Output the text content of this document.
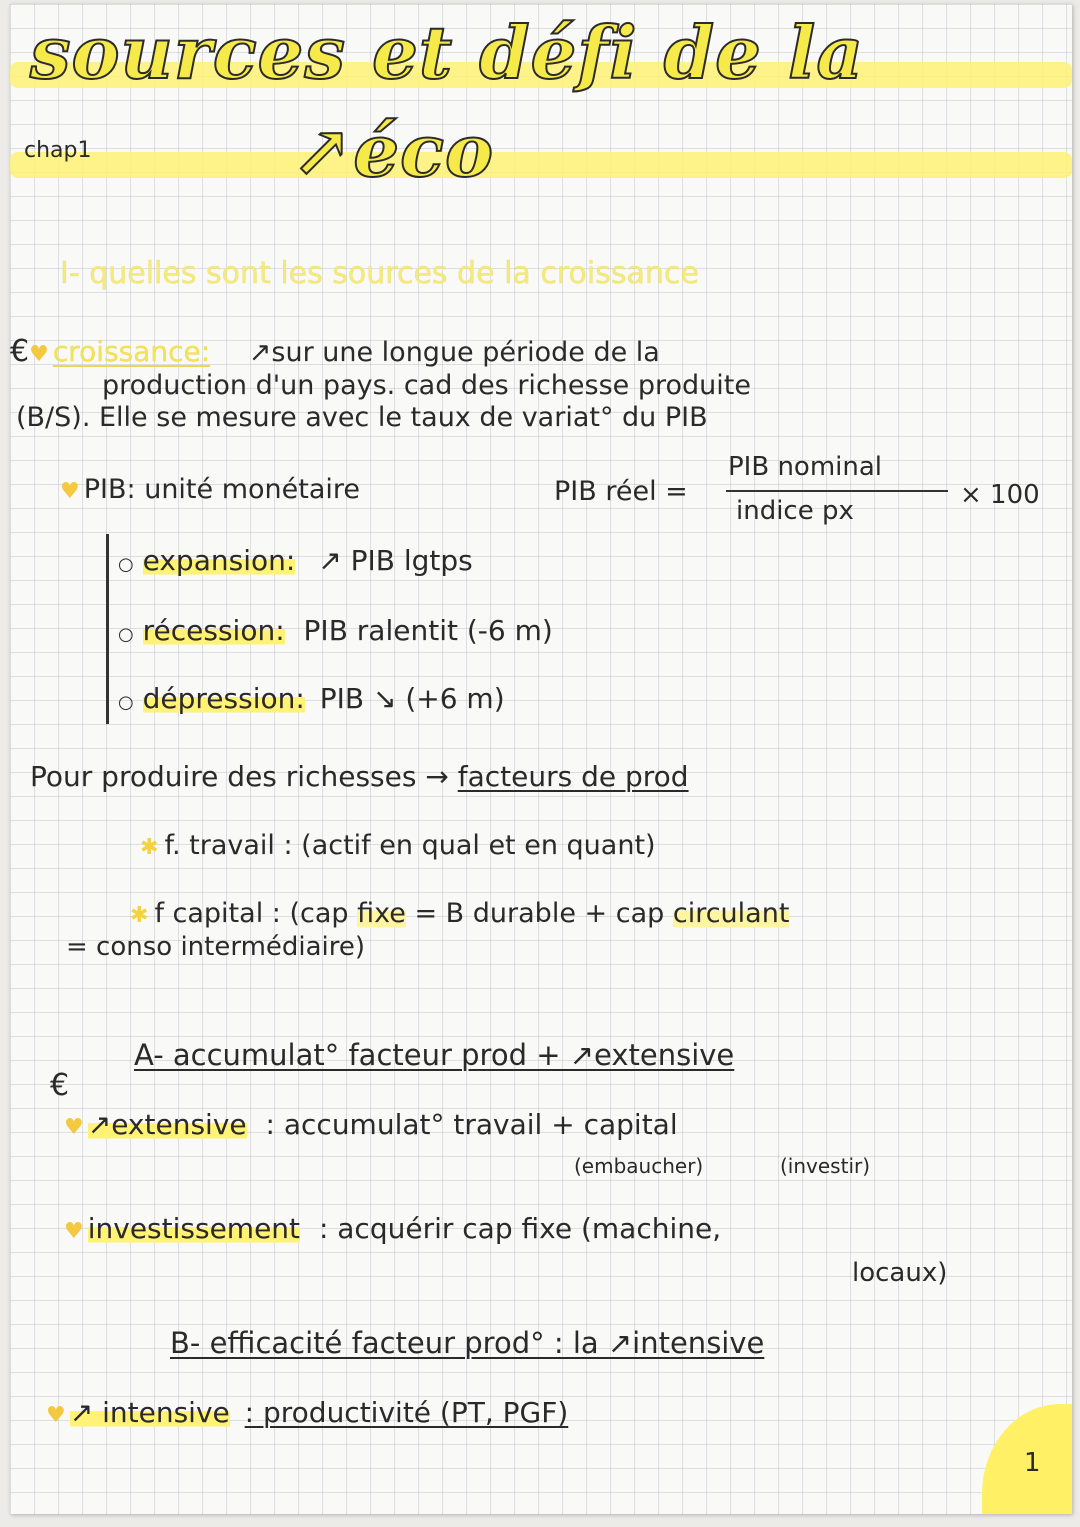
sources et défi de la
↗éco
chap1
I- quelles sont les sources de la croissance
€♥ croissance: ↗sur une longue période de la
production d'un pays. cad des richesse produite
(B/S). Elle se mesure avec le taux de variat° du PIB
♥ PIB: unité monétaire	PIB réel =
PIB nominal
indice px
× 100
○ expansion: ↗ PIB lgtps
○ récession: PIB ralentit (-6 m)
○ dépression: PIB ↘ (+6 m)
Pour produire des richesses → facteurs de prod
✱ f. travail : (actif en qual et en quant)
✱ f capital : (cap fixe = B durable + cap circulant
= conso intermédiaire)
A- accumulat° facteur prod + ↗extensive
€
♥ ↗extensive : accumulat° travail + capital
(embaucher)	(investir)
♥ investissement : acquérir cap fixe (machine,
locaux)
B- efficacité facteur prod° : la ↗intensive
♥ ↗ intensive : productivité (PT, PGF)
1
